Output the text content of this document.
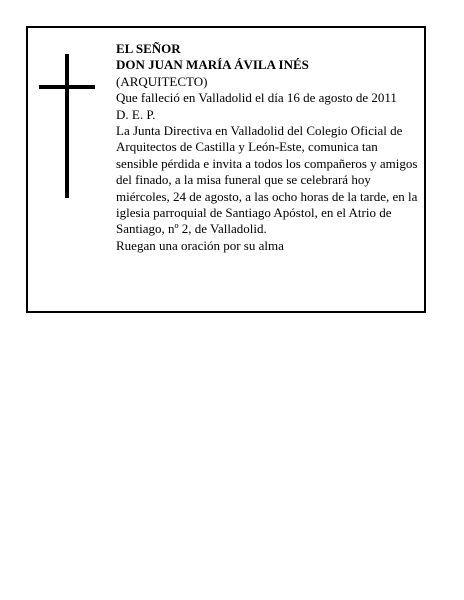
EL SEÑOR
DON JUAN MARÍA ÁVILA INÉS
(ARQUITECTO)
Que falleció en Valladolid el día 16 de agosto de 2011
D. E. P.
La Junta Directiva en Valladolid del Colegio Oficial de Arquitectos de Castilla y León-Este, comunica tan sensible pérdida e invita a todos los compañeros y amigos del finado, a la misa funeral que se celebrará hoy miércoles, 24 de agosto, a las ocho horas de la tarde, en la iglesia parroquial de Santiago Apóstol, en el Atrio de Santiago, nº 2, de Valladolid.
Ruegan una oración por su alma
